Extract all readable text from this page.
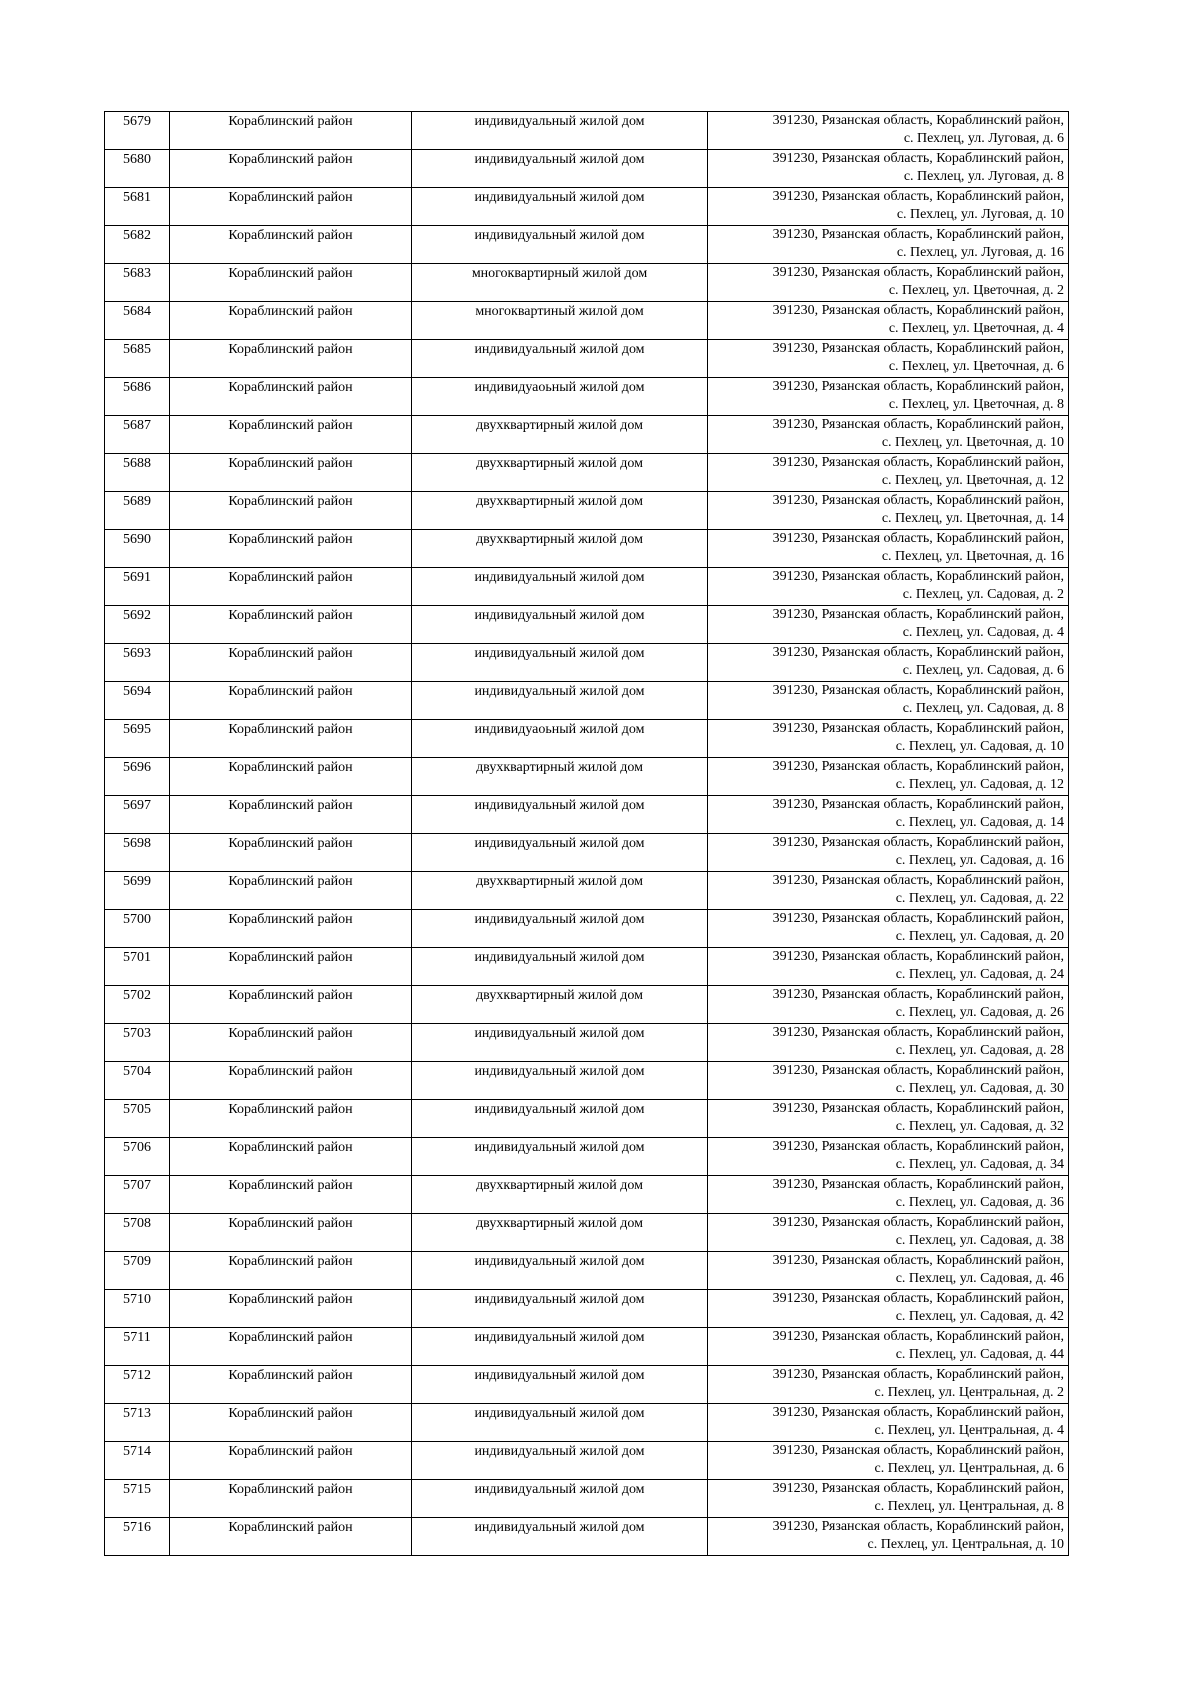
5679	Кораблинский район	индивидуальный жилой дом	391230, Рязанская область, Кораблинский район,
с. Пехлец, ул. Луговая, д. 6

5680	Кораблинский район	индивидуальный жилой дом	391230, Рязанская область, Кораблинский район,
с. Пехлец, ул. Луговая, д. 8

5681	Кораблинский район	индивидуальный жилой дом	391230, Рязанская область, Кораблинский район,
с. Пехлец, ул. Луговая, д. 10

5682	Кораблинский район	индивидуальный жилой дом	391230, Рязанская область, Кораблинский район,
с. Пехлец, ул. Луговая, д. 16

5683	Кораблинский район	многоквартирный жилой дом	391230, Рязанская область, Кораблинский район,
с. Пехлец, ул. Цветочная, д. 2

5684	Кораблинский район	многоквартиный жилой дом	391230, Рязанская область, Кораблинский район,
с. Пехлец, ул. Цветочная, д. 4

5685	Кораблинский район	индивидуальный жилой дом	391230, Рязанская область, Кораблинский район,
с. Пехлец, ул. Цветочная, д. 6

5686	Кораблинский район	индивидуаоьный жилой дом	391230, Рязанская область, Кораблинский район,
с. Пехлец, ул. Цветочная, д. 8

5687	Кораблинский район	двухквартирный жилой дом	391230, Рязанская область, Кораблинский район,
с. Пехлец, ул. Цветочная, д. 10

5688	Кораблинский район	двухквартирный жилой дом	391230, Рязанская область, Кораблинский район,
с. Пехлец, ул. Цветочная, д. 12

5689	Кораблинский район	двухквартирный жилой дом	391230, Рязанская область, Кораблинский район,
с. Пехлец, ул. Цветочная, д. 14

5690	Кораблинский район	двухквартирный жилой дом	391230, Рязанская область, Кораблинский район,
с. Пехлец, ул. Цветочная, д. 16

5691	Кораблинский район	индивидуальный жилой дом	391230, Рязанская область, Кораблинский район,
с. Пехлец, ул. Садовая, д. 2

5692	Кораблинский район	индивидуальный жилой дом	391230, Рязанская область, Кораблинский район,
с. Пехлец, ул. Садовая, д. 4

5693	Кораблинский район	индивидуальный жилой дом	391230, Рязанская область, Кораблинский район,
с. Пехлец, ул. Садовая, д. 6

5694	Кораблинский район	индивидуальный жилой дом	391230, Рязанская область, Кораблинский район,
с. Пехлец, ул. Садовая, д. 8

5695	Кораблинский район	индивидуаоьный жилой дом	391230, Рязанская область, Кораблинский район,
с. Пехлец, ул. Садовая, д. 10

5696	Кораблинский район	двухквартирный жилой дом	391230, Рязанская область, Кораблинский район,
с. Пехлец, ул. Садовая, д. 12

5697	Кораблинский район	индивидуальный жилой дом	391230, Рязанская область, Кораблинский район,
с. Пехлец, ул. Садовая, д. 14

5698	Кораблинский район	индивидуальный жилой дом	391230, Рязанская область, Кораблинский район,
с. Пехлец, ул. Садовая, д. 16

5699	Кораблинский район	двухквартирный жилой дом	391230, Рязанская область, Кораблинский район,
с. Пехлец, ул. Садовая, д. 22

5700	Кораблинский район	индивидуальный жилой дом	391230, Рязанская область, Кораблинский район,
с. Пехлец, ул. Садовая, д. 20

5701	Кораблинский район	индивидуальный жилой дом	391230, Рязанская область, Кораблинский район,
с. Пехлец, ул. Садовая, д. 24

5702	Кораблинский район	двухквартирный жилой дом	391230, Рязанская область, Кораблинский район,
с. Пехлец, ул. Садовая, д. 26

5703	Кораблинский район	индивидуальный жилой дом	391230, Рязанская область, Кораблинский район,
с. Пехлец, ул. Садовая, д. 28

5704	Кораблинский район	индивидуальный жилой дом	391230, Рязанская область, Кораблинский район,
с. Пехлец, ул. Садовая, д. 30

5705	Кораблинский район	индивидуальный жилой дом	391230, Рязанская область, Кораблинский район,
с. Пехлец, ул. Садовая, д. 32

5706	Кораблинский район	индивидуальный жилой дом	391230, Рязанская область, Кораблинский район,
с. Пехлец, ул. Садовая, д. 34

5707	Кораблинский район	двухквартирный жилой дом	391230, Рязанская область, Кораблинский район,
с. Пехлец, ул. Садовая, д. 36

5708	Кораблинский район	двухквартирный жилой дом	391230, Рязанская область, Кораблинский район,
с. Пехлец, ул. Садовая, д. 38

5709	Кораблинский район	индивидуальный жилой дом	391230, Рязанская область, Кораблинский район,
с. Пехлец, ул. Садовая, д. 46

5710	Кораблинский район	индивидуальный жилой дом	391230, Рязанская область, Кораблинский район,
с. Пехлец, ул. Садовая, д. 42

5711	Кораблинский район	индивидуальный жилой дом	391230, Рязанская область, Кораблинский район,
с. Пехлец, ул. Садовая, д. 44

5712	Кораблинский район	индивидуальный жилой дом	391230, Рязанская область, Кораблинский район,
с. Пехлец, ул. Центральная, д. 2

5713	Кораблинский район	индивидуальный жилой дом	391230, Рязанская область, Кораблинский район,
с. Пехлец, ул. Центральная, д. 4

5714	Кораблинский район	индивидуальный жилой дом	391230, Рязанская область, Кораблинский район,
с. Пехлец, ул. Центральная, д. 6

5715	Кораблинский район	индивидуальный жилой дом	391230, Рязанская область, Кораблинский район,
с. Пехлец, ул. Центральная, д. 8

5716	Кораблинский район	индивидуальный жилой дом	391230, Рязанская область, Кораблинский район,
с. Пехлец, ул. Центральная, д. 10
